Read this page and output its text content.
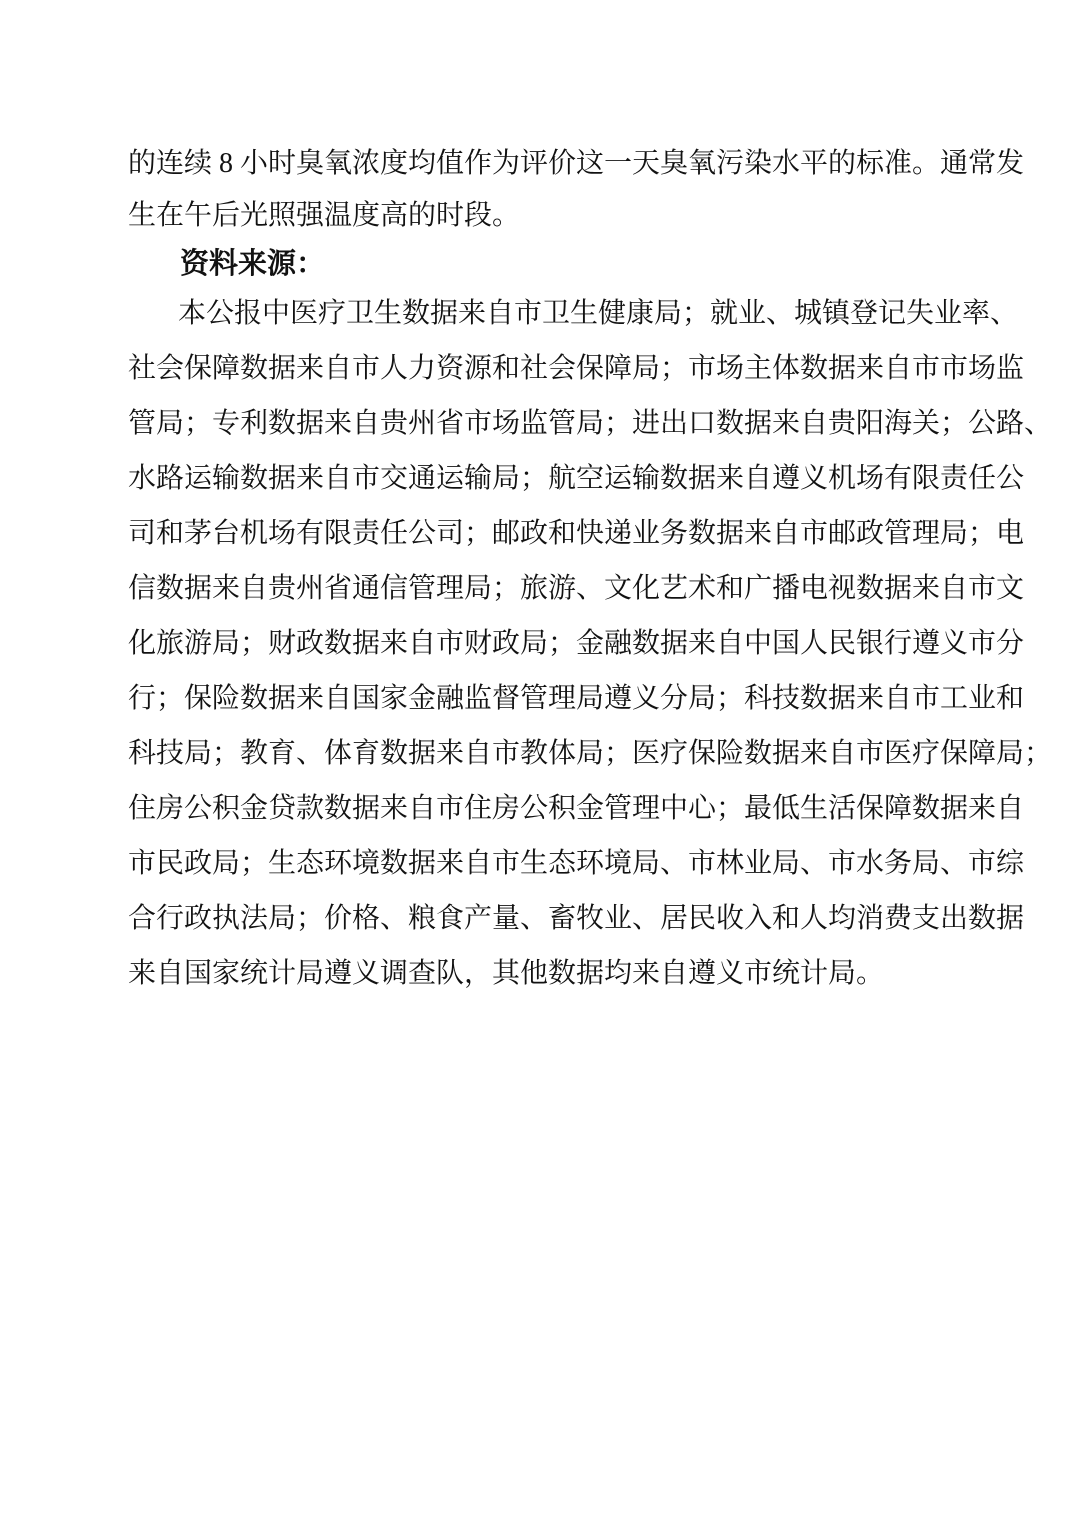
的连续 8 小时臭氧浓度均值作为评价这一天臭氧污染水平的标准。通常发
生在午后光照强温度高的时段。
资料来源：
本公报中医疗卫生数据来自市卫生健康局；就业、城镇登记失业率、
社会保障数据来自市人力资源和社会保障局；市场主体数据来自市市场监
管局；专利数据来自贵州省市场监管局；进出口数据来自贵阳海关；公路、
水路运输数据来自市交通运输局；航空运输数据来自遵义机场有限责任公
司和茅台机场有限责任公司；邮政和快递业务数据来自市邮政管理局；电
信数据来自贵州省通信管理局；旅游、文化艺术和广播电视数据来自市文
化旅游局；财政数据来自市财政局；金融数据来自中国人民银行遵义市分
行；保险数据来自国家金融监督管理局遵义分局；科技数据来自市工业和
科技局；教育、体育数据来自市教体局；医疗保险数据来自市医疗保障局；
住房公积金贷款数据来自市住房公积金管理中心；最低生活保障数据来自
市民政局；生态环境数据来自市生态环境局、市林业局、市水务局、市综
合行政执法局；价格、粮食产量、畜牧业、居民收入和人均消费支出数据
来自国家统计局遵义调查队，其他数据均来自遵义市统计局。
